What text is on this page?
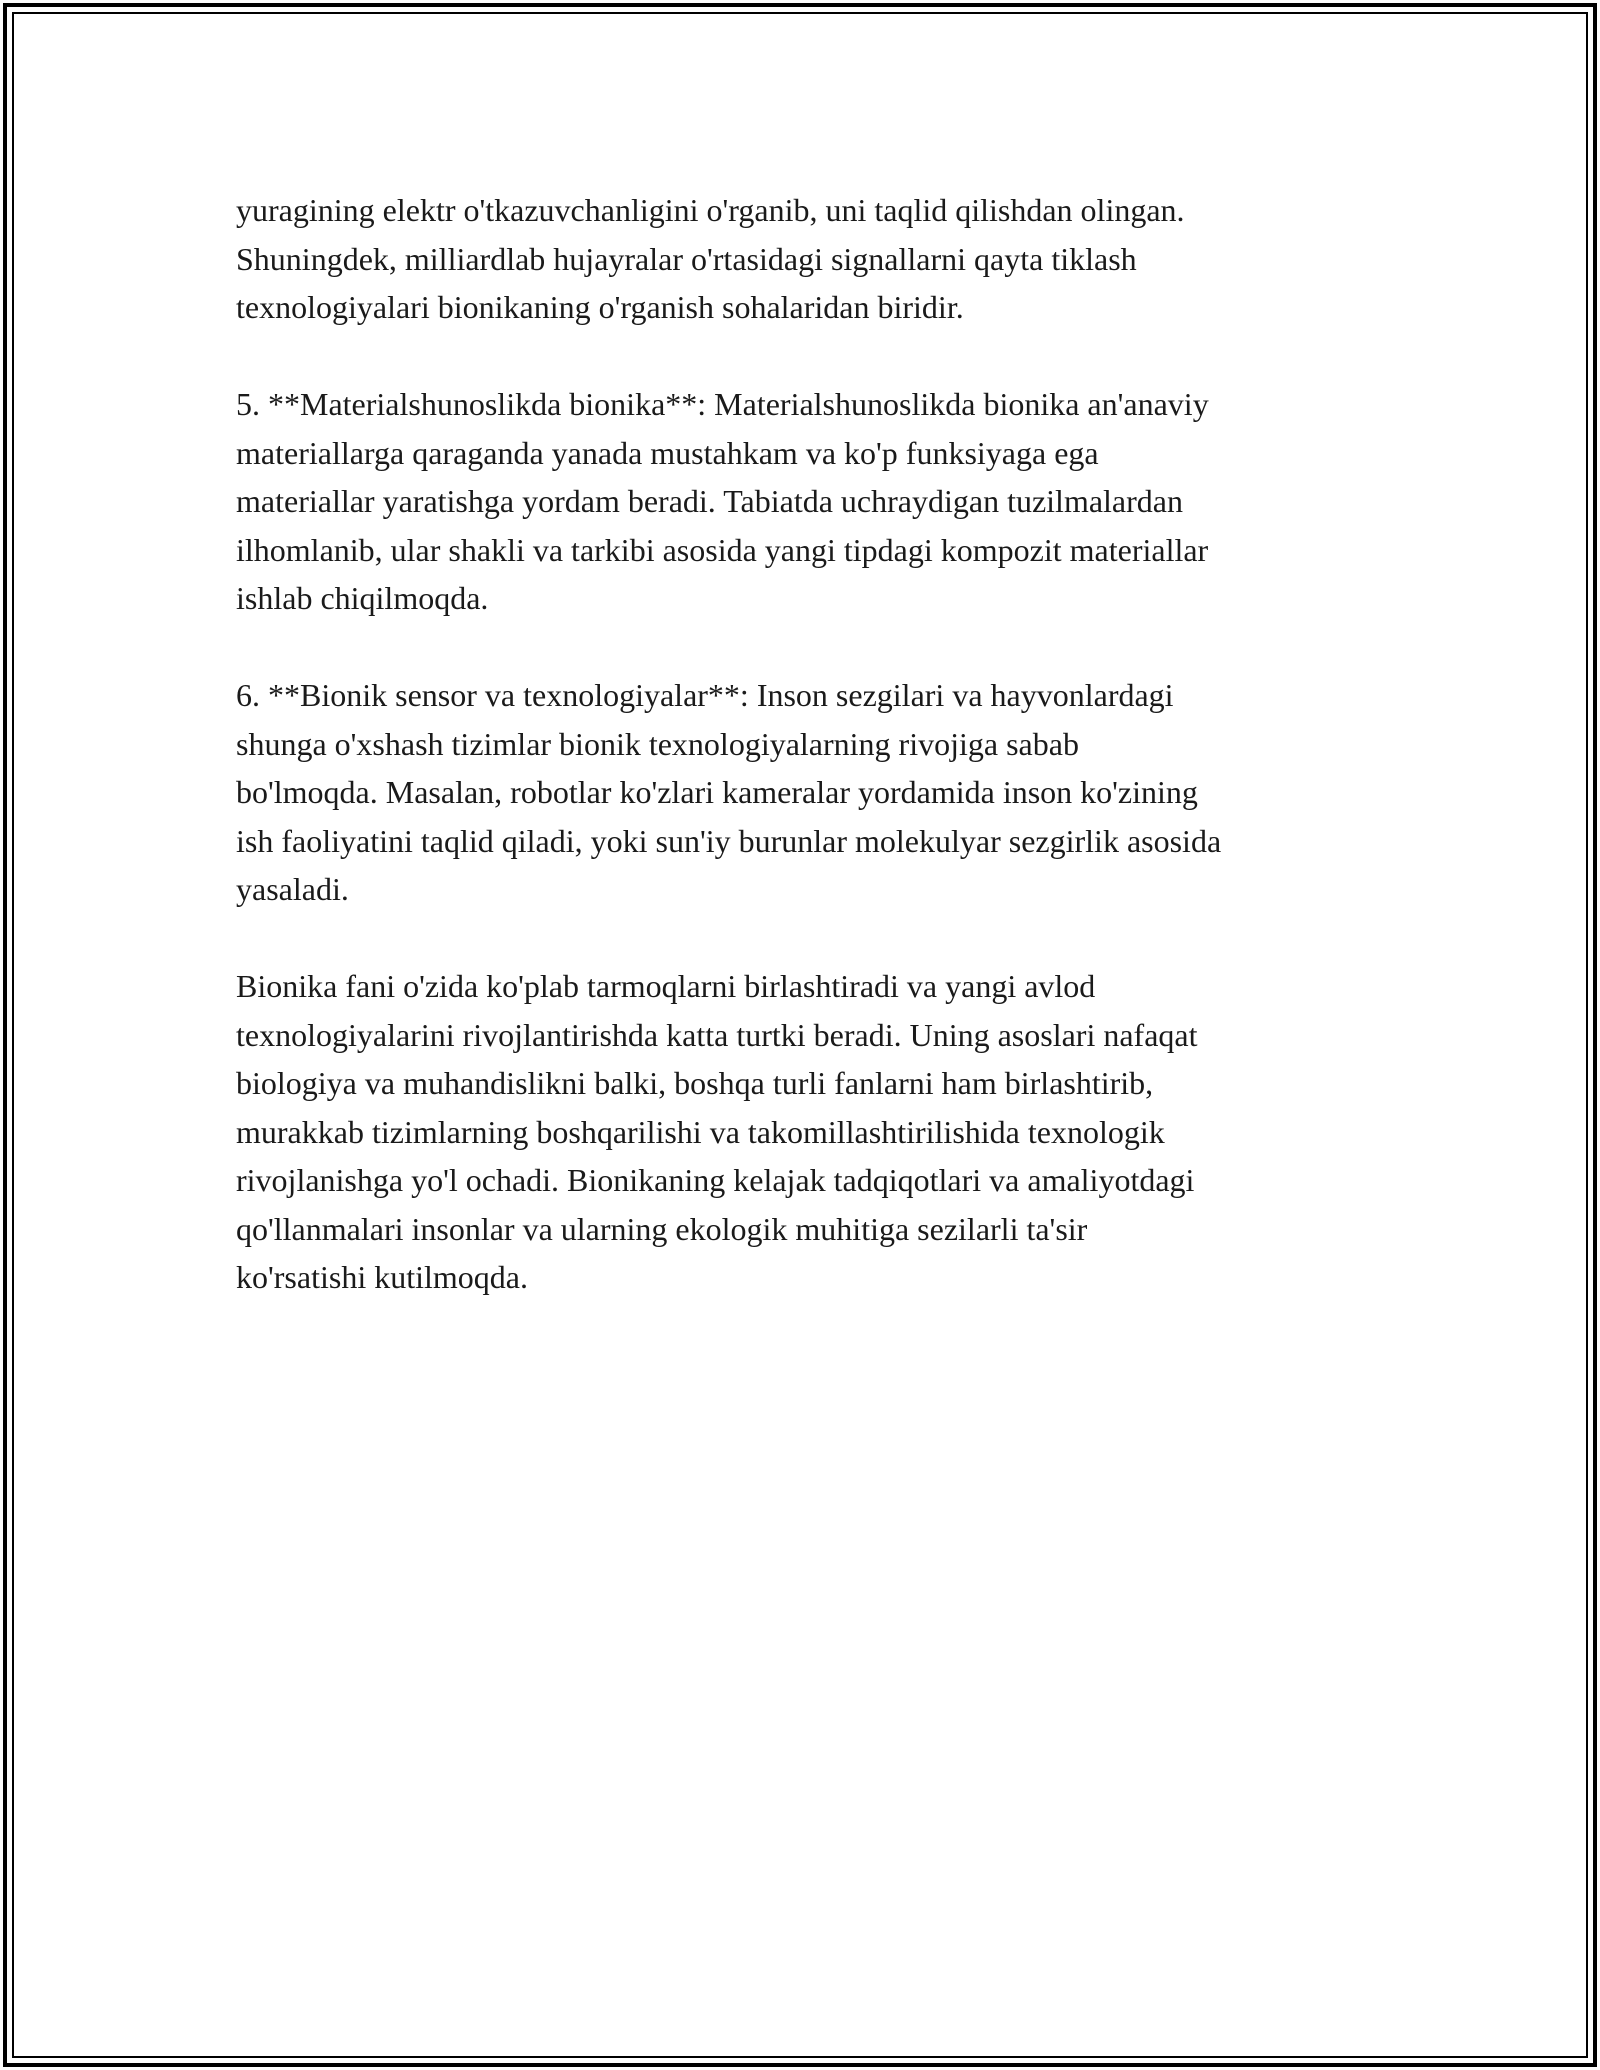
yuragining elektr o'tkazuvchanligini o'rganib, uni taqlid qilishdan olingan.
Shuningdek, milliardlab hujayralar o'rtasidagi signallarni qayta tiklash
texnologiyalari bionikaning o'rganish sohalaridan biridir.

5. **Materialshunoslikda bionika**: Materialshunoslikda bionika an'anaviy
materiallarga qaraganda yanada mustahkam va ko'p funksiyaga ega
materiallar yaratishga yordam beradi. Tabiatda uchraydigan tuzilmalardan
ilhomlanib, ular shakli va tarkibi asosida yangi tipdagi kompozit materiallar
ishlab chiqilmoqda.

6. **Bionik sensor va texnologiyalar**: Inson sezgilari va hayvonlardagi
shunga o'xshash tizimlar bionik texnologiyalarning rivojiga sabab
bo'lmoqda. Masalan, robotlar ko'zlari kameralar yordamida inson ko'zining
ish faoliyatini taqlid qiladi, yoki sun'iy burunlar molekulyar sezgirlik asosida
yasaladi.

Bionika fani o'zida ko'plab tarmoqlarni birlashtiradi va yangi avlod
texnologiyalarini rivojlantirishda katta turtki beradi. Uning asoslari nafaqat
biologiya va muhandislikni balki, boshqa turli fanlarni ham birlashtirib,
murakkab tizimlarning boshqarilishi va takomillashtirilishida texnologik
rivojlanishga yo'l ochadi. Bionikaning kelajak tadqiqotlari va amaliyotdagi
qo'llanmalari insonlar va ularning ekologik muhitiga sezilarli ta'sir
ko'rsatishi kutilmoqda.
